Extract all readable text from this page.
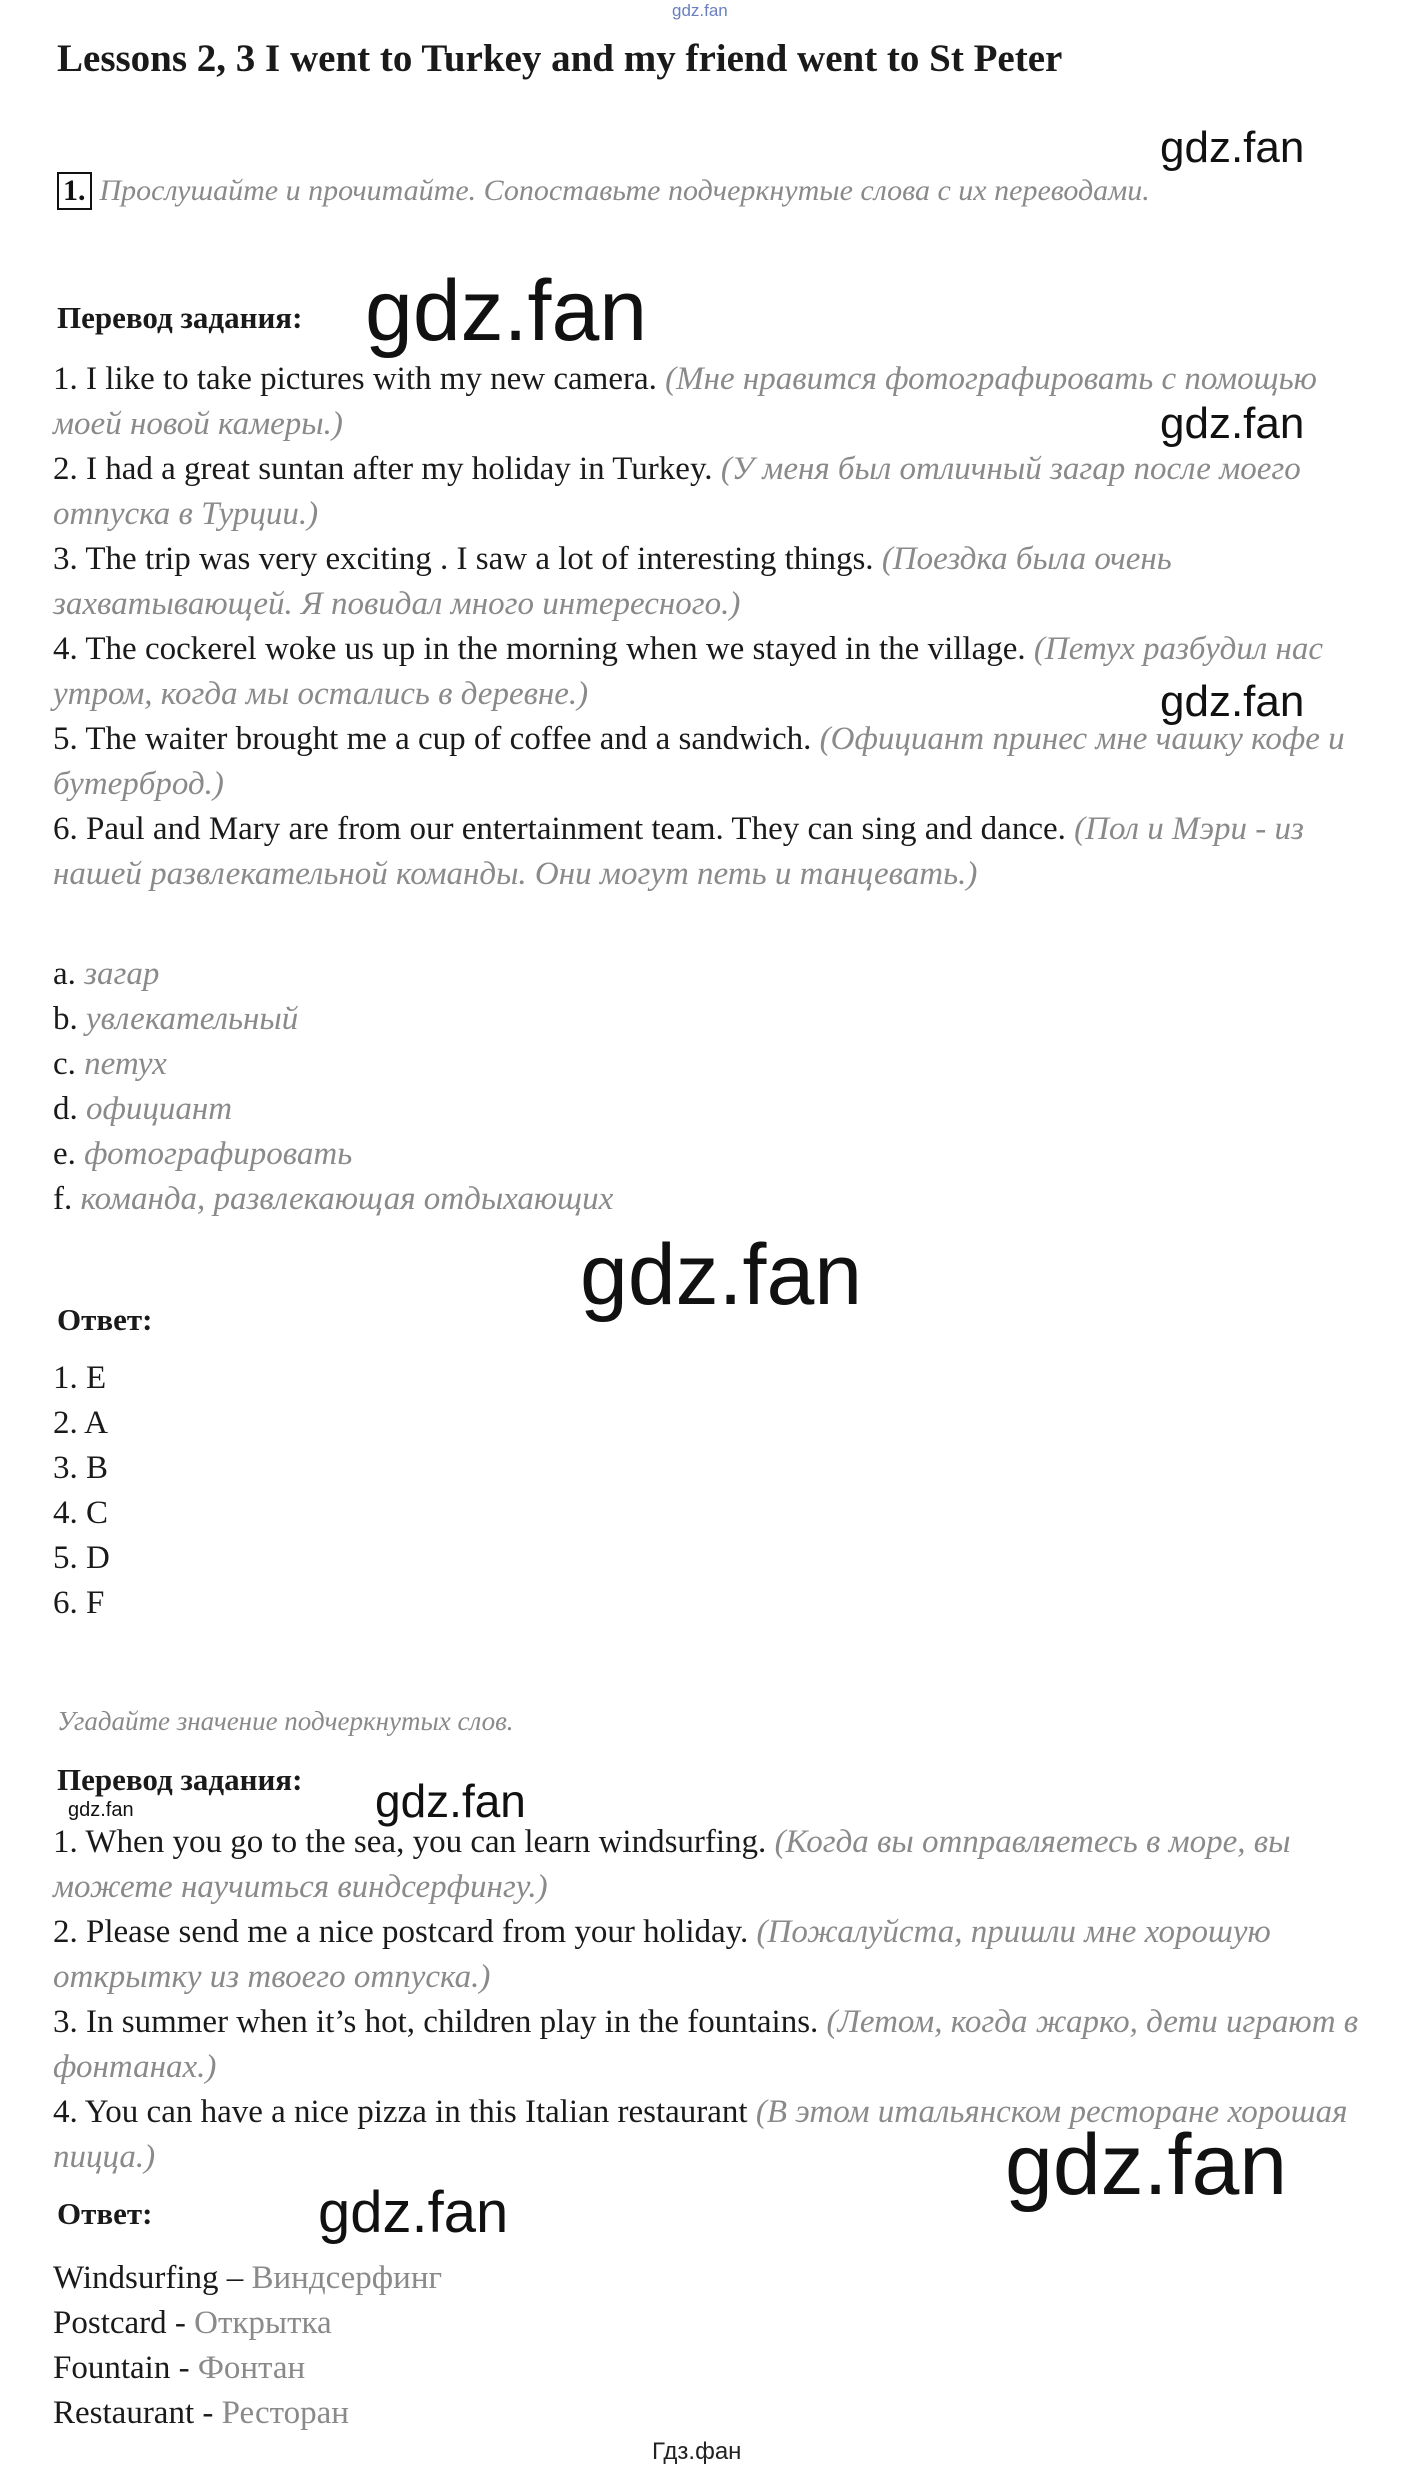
gdz.fan
Lessons 2, 3 I went to Turkey and my friend went to St Peter
gdz.fan
1. Прослушайте и прочитайте. Сопоставьте подчеркнутые слова с их переводами.
Перевод задания: gdz.fan

1. I like to take pictures with my new camera. (Мне нравится фотографировать с помощью моей новой камеры.)

2. I had a great suntan after my holiday in Turkey. (У меня был отличный загар после моего отпуска в Турции.)

3. The trip was very exciting . I saw a lot of interesting things. (Поездка была очень захватывающей. Я повидал много интересного.)

4. The cockerel woke us up in the morning when we stayed in the village. (Петух разбудил нас утром, когда мы остались в деревне.)

5. The waiter brought me a cup of coffee and a sandwich. (Официант принес мне чашку кофе и бутерброд.)

6. Paul and Mary are from our entertainment team. They can sing and dance. (Пол и Мэри - из нашей развлекательной команды. Они могут петь и танцевать.)

gdz.fan
gdz.fan
a. загар
b. увлекательный
c. петух
d. официант
e. фотографировать
f. команда, развлекающая отдыхающих
gdz.fan
Ответ:
1. E
2. A
3. B
4. C
5. D
6. F
Угадайте значение подчеркнутых слов.
Перевод задания:
gdz.fan	gdz.fan

1. When you go to the sea, you can learn windsurfing. (Когда вы отправляетесь в море, вы можете научиться виндсерфингу.)

2. Please send me a nice postcard from your holiday. (Пожалуйста, пришли мне хорошую открытку из твоего отпуска.)

3. In summer when it’s hot, children play in the fountains. (Летом, когда жарко, дети играют в фонтанах.)

4. You can have a nice pizza in this Italian restaurant (В этом итальянском ресторане хорошая пицца.)	gdz.fan
Ответ:	gdz.fan
Windsurfing – Виндсерфинг
Postcard - Открытка
Fountain - Фонтан
Restaurant - Ресторан
Гдз.фан
